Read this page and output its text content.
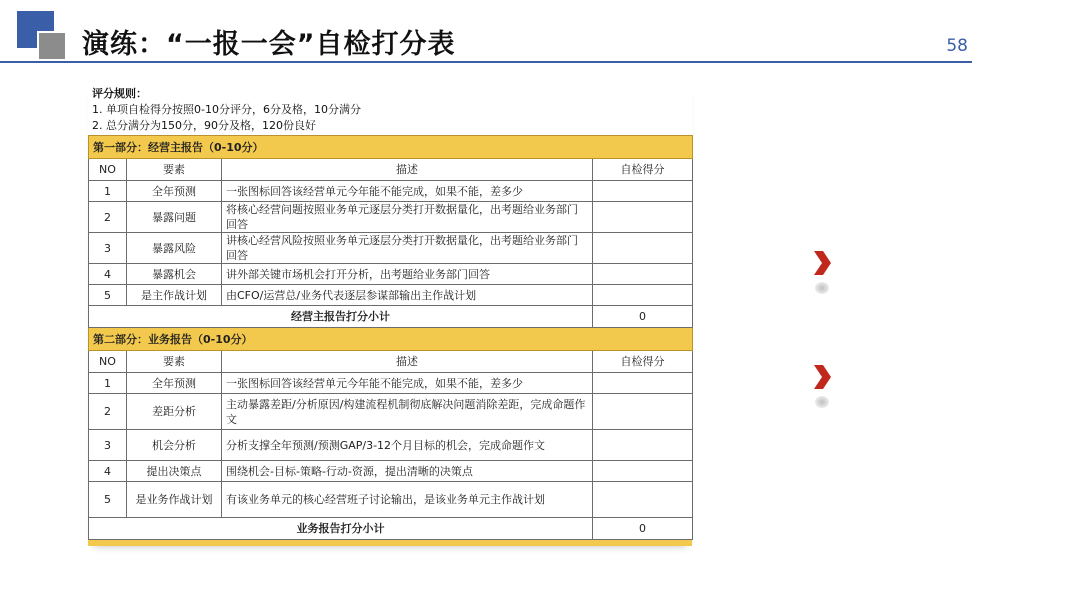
演练：“一报一会”自检打分表	58
评分规则：
1. 单项自检得分按照0-10分评分，6分及格，10分满分
2. 总分满分为150分，90分及格，120份良好
第一部分：经营主报告（0-10分）			
NO	要素	描述	自检得分
1	全年预测	一张图标回答该经营单元今年能不能完成，如果不能，差多少	
2	暴露问题	将核心经营问题按照业务单元逐层分类打开数据量化，出考题给业务部门回答	
3	暴露风险	讲核心经营风险按照业务单元逐层分类打开数据量化，出考题给业务部门回答	
4	暴露机会	讲外部关键市场机会打开分析，出考题给业务部门回答	
5	是主作战计划	由CFO/运营总/业务代表逐层参谋部输出主作战计划	
经营主报告打分小计			0
第二部分：业务报告（0-10分）			
NO	要素	描述	自检得分
1	全年预测	一张图标回答该经营单元今年能不能完成，如果不能，差多少	
2	差距分析	主动暴露差距/分析原因/构建流程机制彻底解决问题消除差距，完成命题作文	
3	机会分析	分析支撑全年预测/预测GAP/3-12个月目标的机会，完成命题作文	
4	提出决策点	围绕机会-目标-策略-行动-资源，提出清晰的决策点	
5	是业务作战计划	有该业务单元的核心经营班子讨论输出，是该业务单元主作战计划	
业务报告打分小计			0
